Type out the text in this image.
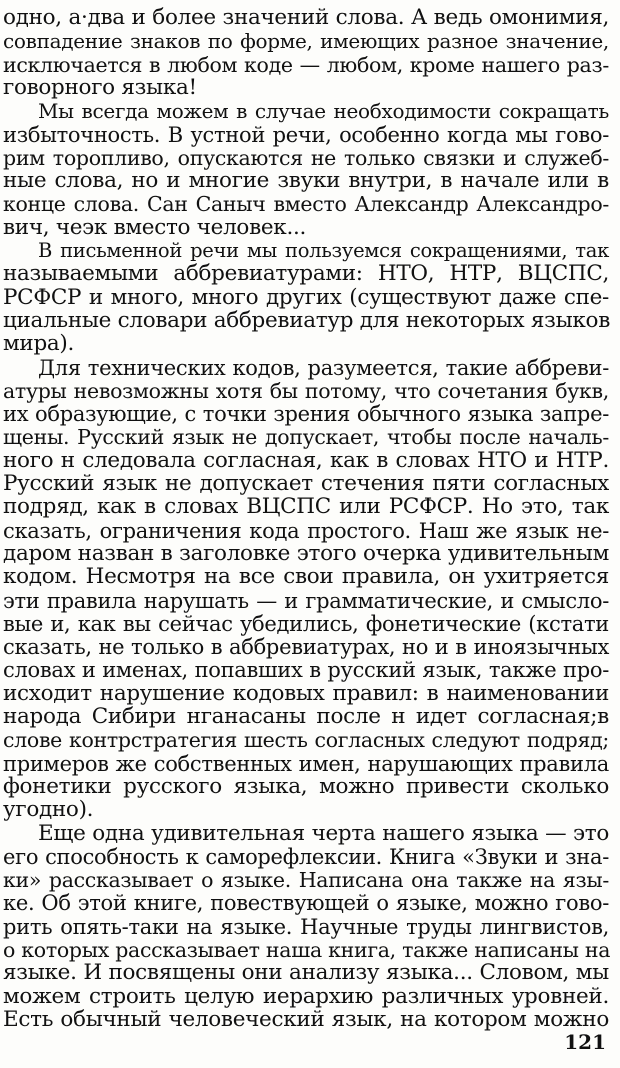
одно, а·два и более значений слова. А ведь омонимия,
совпадение знаков по форме, имеющих разное значение,
исключается в любом коде — любом, кроме нашего раз-
говорного языка!
Мы всегда можем в случае необходимости сокращать
избыточность. В устной речи, особенно когда мы гово-
рим торопливо, опускаются не только связки и служеб-
ные слова, но и многие звуки внутри, в начале или в
конце слова. Сан Саныч вместо Александр Александро-
вич, чеэк вместо человек...
В письменной речи мы пользуемся сокращениями, так
называемыми аббревиатурами: НТО, НТР, ВЦСПС,
РСФСР и много, много других (существуют даже спе-
циальные словари аббревиатур для некоторых языков
мира).
Для технических кодов, разумеется, такие аббреви-
атуры невозможны хотя бы потому, что сочетания букв,
их образующие, с точки зрения обычного языка запре-
щены. Русский язык не допускает, чтобы после началь-
ного н следовала согласная, как в словах НТО и НТР.
Русский язык не допускает стечения пяти согласных
подряд, как в словах ВЦСПС или РСФСР. Но это, так
сказать, ограничения кода простого. Наш же язык не-
даром назван в заголовке этого очерка удивительным
кодом. Несмотря на все свои правила, он ухитряется
эти правила нарушать — и грамматические, и смысло-
вые и, как вы сейчас убедились, фонетические (кстати
сказать, не только в аббревиатурах, но и в иноязычных
словах и именах, попавших в русский язык, также про-
исходит нарушение кодовых правил: в наименовании
народа Сибири нганасаны после н идет согласная;в
слове контрстратегия шесть согласных следуют подряд;
примеров же собственных имен, нарушающих правила
фонетики русского языка, можно привести сколько
угодно).
Еще одна удивительная черта нашего языка — это
его способность к саморефлексии. Книга «Звуки и зна-
ки» рассказывает о языке. Написана она также на язы-
ке. Об этой книге, повествующей о языке, можно гово-
рить опять-таки на языке. Научные труды лингвистов,
о которых рассказывает наша книга, также написаны на
языке. И посвящены они анализу языка... Словом, мы
можем строить целую иерархию различных уровней.
Есть обычный человеческий язык, на котором можно
121
